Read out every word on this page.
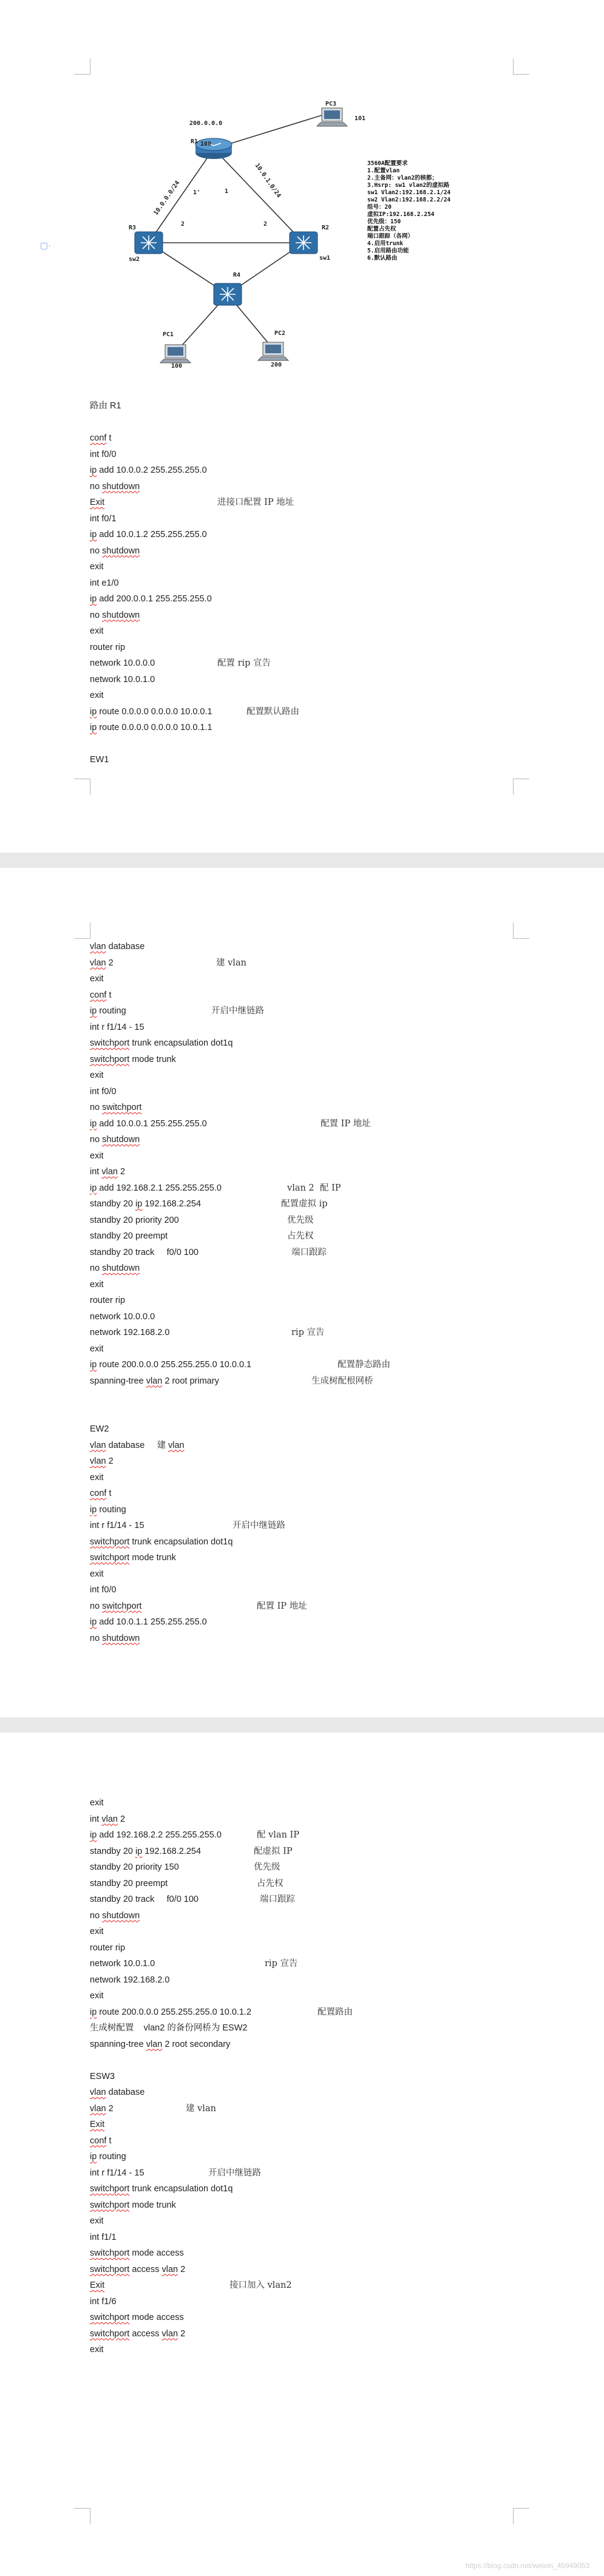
▢·
PC3
101
200.0.0.0
R1 100
R2
R3
R4
sw1
sw2
PC1
100
PC2
200
10.0.0.0/24	10.0.1.0/24
1'	1
2	2
3560A配置要求
1.配置vlan
2.主备网：vlan2的核都；
3.Hsrp: sw1 vlan2的虚拟路
sw1 Vlan2:192.168.2.1/24
sw2 Vlan2:192.168.2.2/24
组号：20
虚拟IP:192.168.2.254
优先级：150
配置占先权
端口跟踪（各网）
4.启用trunk
5.启用路由功能
6.默认路由
路由 R1
conf t
int f0/0
ip add 10.0.0.2 255.255.255.0
no shutdown
Exit	进接口配置 IP 地址
int f0/1
ip add 10.0.1.2 255.255.255.0
no shutdown
exit
int e1/0
ip add 200.0.0.1 255.255.255.0
no shutdown
exit
router rip
network 10.0.0.0	配置 rip 宣告
network 10.0.1.0
exit
ip route 0.0.0.0 0.0.0.0 10.0.0.1	配置默认路由
ip route 0.0.0.0 0.0.0.0 10.0.1.1
EW1
vlan database
vlan 2	建 vlan
exit
conf t
ip routing	开启中继链路
int r f1/14 - 15
switchport trunk encapsulation dot1q
switchport mode trunk
exit
int f0/0
no switchport
ip add 10.0.0.1 255.255.255.0	配置 IP 地址
no shutdown
exit
int vlan 2
ip add 192.168.2.1 255.255.255.0	vlan 2  配 IP
standby 20 ip 192.168.2.254	配置虚拟 ip
standby 20 priority 200	优先级
standby 20 preempt	占先权
standby 20 track f0/0 100	端口跟踪
no shutdown
exit
router rip
network 10.0.0.0
network 192.168.2.0	rip 宣告
exit
ip route 200.0.0.0 255.255.255.0 10.0.0.1	配置静态路由
spanning-tree vlan 2 root primary	生成树配根网桥
EW2
vlan database 建 vlan
vlan 2
exit
conf t
ip routing
int r f1/14 - 15	开启中继链路
switchport trunk encapsulation dot1q
switchport mode trunk
exit
int f0/0
no switchport	配置 IP 地址
ip add 10.0.1.1 255.255.255.0
no shutdown
exit
int vlan 2
ip add 192.168.2.2 255.255.255.0	配 vlan IP
standby 20 ip 192.168.2.254	配虚拟 IP
standby 20 priority 150	优先级
standby 20 preempt	占先权
standby 20 track f0/0 100	端口跟踪
no shutdown
exit
router rip
network 10.0.1.0	rip 宣告
network 192.168.2.0
exit
ip route 200.0.0.0 255.255.255.0 10.0.1.2	配置路由
生成树配置 vlan2 的备份网桥为 ESW2
spanning-tree vlan 2 root secondary
ESW3
vlan database
vlan 2	建 vlan
Exit
conf t
ip routing
int r f1/14 - 15	开启中继链路
switchport trunk encapsulation dot1q
switchport mode trunk
exit
int f1/1
switchport mode access
switchport access vlan 2
Exit	接口加入 vlan2
int f1/6
switchport mode access
switchport access vlan 2
exit
https://blog.csdn.net/weixin_45949053
